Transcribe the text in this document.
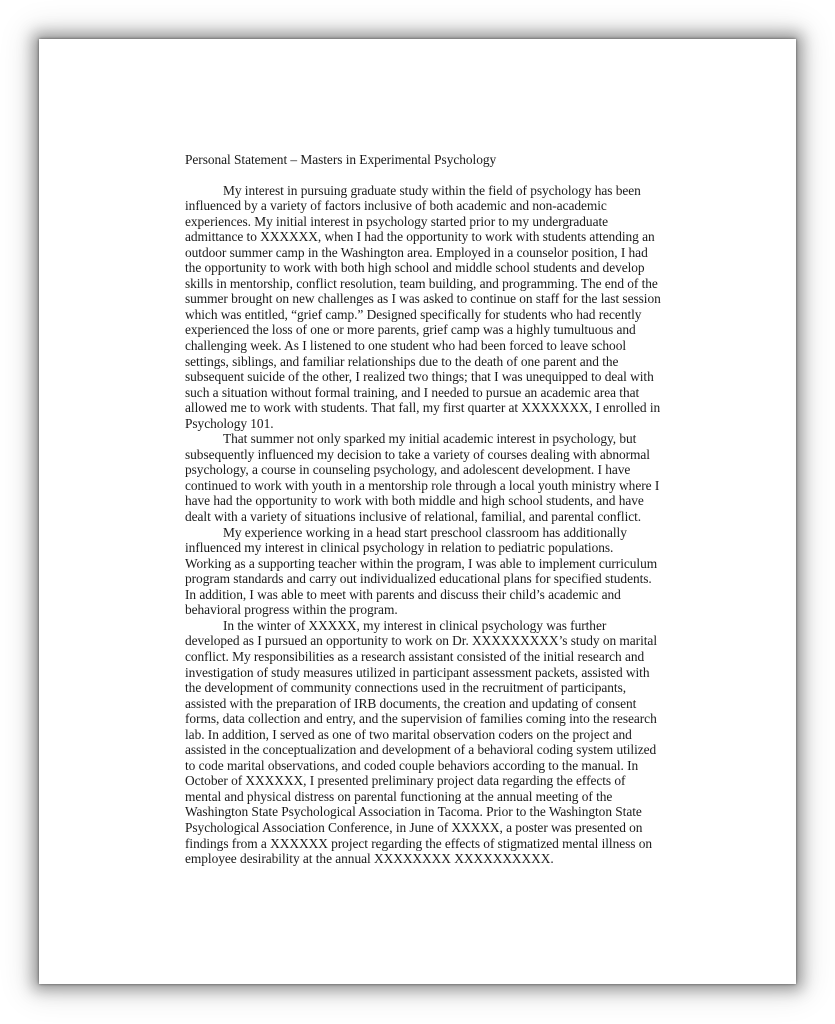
Personal Statement – Masters in Experimental Psychology

My interest in pursuing graduate study within the field of psychology has been
influenced by a variety of factors inclusive of both academic and non-academic
experiences. My initial interest in psychology started prior to my undergraduate
admittance to XXXXXX, when I had the opportunity to work with students attending an
outdoor summer camp in the Washington area. Employed in a counselor position, I had
the opportunity to work with both high school and middle school students and develop
skills in mentorship, conflict resolution, team building, and programming. The end of the
summer brought on new challenges as I was asked to continue on staff for the last session
which was entitled, “grief camp.” Designed specifically for students who had recently
experienced the loss of one or more parents, grief camp was a highly tumultuous and
challenging week. As I listened to one student who had been forced to leave school
settings, siblings, and familiar relationships due to the death of one parent and the
subsequent suicide of the other, I realized two things; that I was unequipped to deal with
such a situation without formal training, and I needed to pursue an academic area that
allowed me to work with students. That fall, my first quarter at XXXXXXX, I enrolled in
Psychology 101.

That summer not only sparked my initial academic interest in psychology, but
subsequently influenced my decision to take a variety of courses dealing with abnormal
psychology, a course in counseling psychology, and adolescent development. I have
continued to work with youth in a mentorship role through a local youth ministry where I
have had the opportunity to work with both middle and high school students, and have
dealt with a variety of situations inclusive of relational, familial, and parental conflict.

My experience working in a head start preschool classroom has additionally
influenced my interest in clinical psychology in relation to pediatric populations.
Working as a supporting teacher within the program, I was able to implement curriculum
program standards and carry out individualized educational plans for specified students.
In addition, I was able to meet with parents and discuss their child’s academic and
behavioral progress within the program.

In the winter of XXXXX, my interest in clinical psychology was further
developed as I pursued an opportunity to work on Dr. XXXXXXXXX’s study on marital
conflict. My responsibilities as a research assistant consisted of the initial research and
investigation of study measures utilized in participant assessment packets, assisted with
the development of community connections used in the recruitment of participants,
assisted with the preparation of IRB documents, the creation and updating of consent
forms, data collection and entry, and the supervision of families coming into the research
lab. In addition, I served as one of two marital observation coders on the project and
assisted in the conceptualization and development of a behavioral coding system utilized
to code marital observations, and coded couple behaviors according to the manual. In
October of XXXXXX, I presented preliminary project data regarding the effects of
mental and physical distress on parental functioning at the annual meeting of the
Washington State Psychological Association in Tacoma. Prior to the Washington State
Psychological Association Conference, in June of XXXXX, a poster was presented on
findings from a XXXXXX project regarding the effects of stigmatized mental illness on
employee desirability at the annual XXXXXXXX XXXXXXXXXX.
